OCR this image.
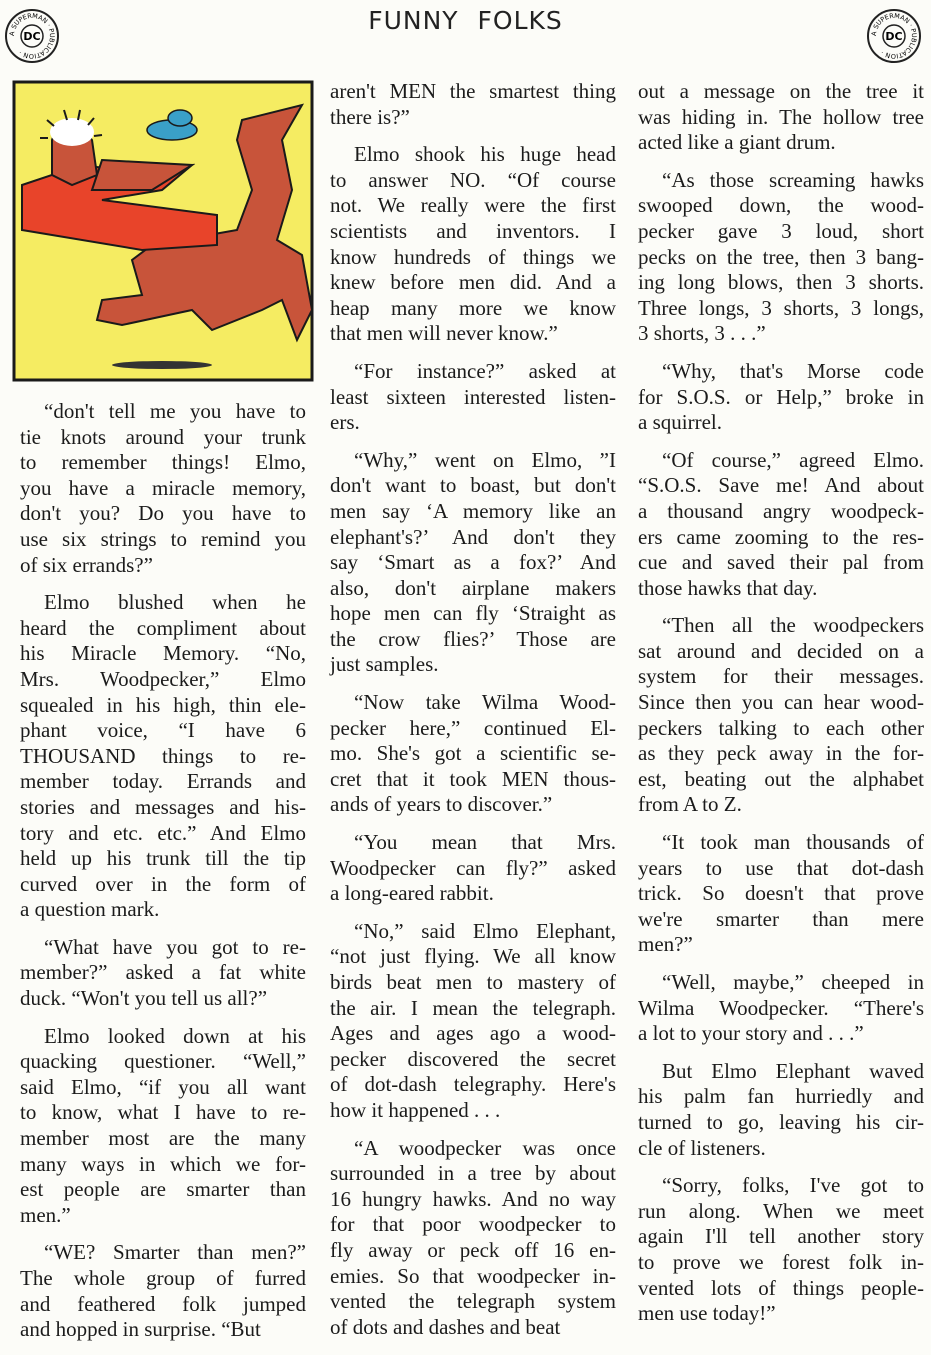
FUNNY FOLKS
DC
A SUPERMAN · PUBLICATION ·
DC
A SUPERMAN · PUBLICATION ·
“don't tell me you have to
tie knots around your trunk
to remember things! Elmo,
you have a miracle memory,
don't you? Do you have to
use six strings to remind you
of six errands?”
Elmo blushed when he
heard the compliment about
his Miracle Memory. “No,
Mrs. Woodpecker,” Elmo
squealed in his high, thin ele-
phant voice, “I have 6
THOUSAND things to re-
member today. Errands and
stories and messages and his-
tory and etc. etc.” And Elmo
held up his trunk till the tip
curved over in the form of
a question mark.
“What have you got to re-
member?” asked a fat white
duck. “Won't you tell us all?”
Elmo looked down at his
quacking questioner. “Well,”
said Elmo, “if you all want
to know, what I have to re-
member most are the many
many ways in which we for-
est people are smarter than
men.”
“WE? Smarter than men?”
The whole group of furred
and feathered folk jumped
and hopped in surprise. “But
aren't MEN the smartest thing
there is?”
Elmo shook his huge head
to answer NO. “Of course
not. We really were the first
scientists and inventors. I
know hundreds of things we
knew before men did. And a
heap many more we know
that men will never know.”
“For instance?” asked at
least sixteen interested listen-
ers.
“Why,” went on Elmo, ”I
don't want to boast, but don't
men say ‘A memory like an
elephant's?’ And don't they
say ‘Smart as a fox?’ And
also, don't airplane makers
hope men can fly ‘Straight as
the crow flies?’ Those are
just samples.
“Now take Wilma Wood-
pecker here,” continued El-
mo. She's got a scientific se-
cret that it took MEN thous-
ands of years to discover.”
“You mean that Mrs.
Woodpecker can fly?” asked
a long-eared rabbit.
“No,” said Elmo Elephant,
“not just flying. We all know
birds beat men to mastery of
the air. I mean the telegraph.
Ages and ages ago a wood-
pecker discovered the secret
of dot-dash telegraphy. Here's
how it happened . . .
“A woodpecker was once
surrounded in a tree by about
16 hungry hawks. And no way
for that poor woodpecker to
fly away or peck off 16 en-
emies. So that woodpecker in-
vented the telegraph system
of dots and dashes and beat
out a message on the tree it
was hiding in. The hollow tree
acted like a giant drum.
“As those screaming hawks
swooped down, the wood-
pecker gave 3 loud, short
pecks on the tree, then 3 bang-
ing long blows, then 3 shorts.
Three longs, 3 shorts, 3 longs,
3 shorts, 3 . . .”
“Why, that's Morse code
for S.O.S. or Help,” broke in
a squirrel.
“Of course,” agreed Elmo.
“S.O.S. Save me! And about
a thousand angry woodpeck-
ers came zooming to the res-
cue and saved their pal from
those hawks that day.
“Then all the woodpeckers
sat around and decided on a
system for their messages.
Since then you can hear wood-
peckers talking to each other
as they peck away in the for-
est, beating out the alphabet
from A to Z.
“It took man thousands of
years to use that dot-dash
trick. So doesn't that prove
we're smarter than mere
men?”
“Well, maybe,” cheeped in
Wilma Woodpecker. “There's
a lot to your story and . . .”
But Elmo Elephant waved
his palm fan hurriedly and
turned to go, leaving his cir-
cle of listeners.
“Sorry, folks, I've got to
run along. When we meet
again I'll tell another story
to prove we forest folk in-
vented lots of things people-
men use today!”
